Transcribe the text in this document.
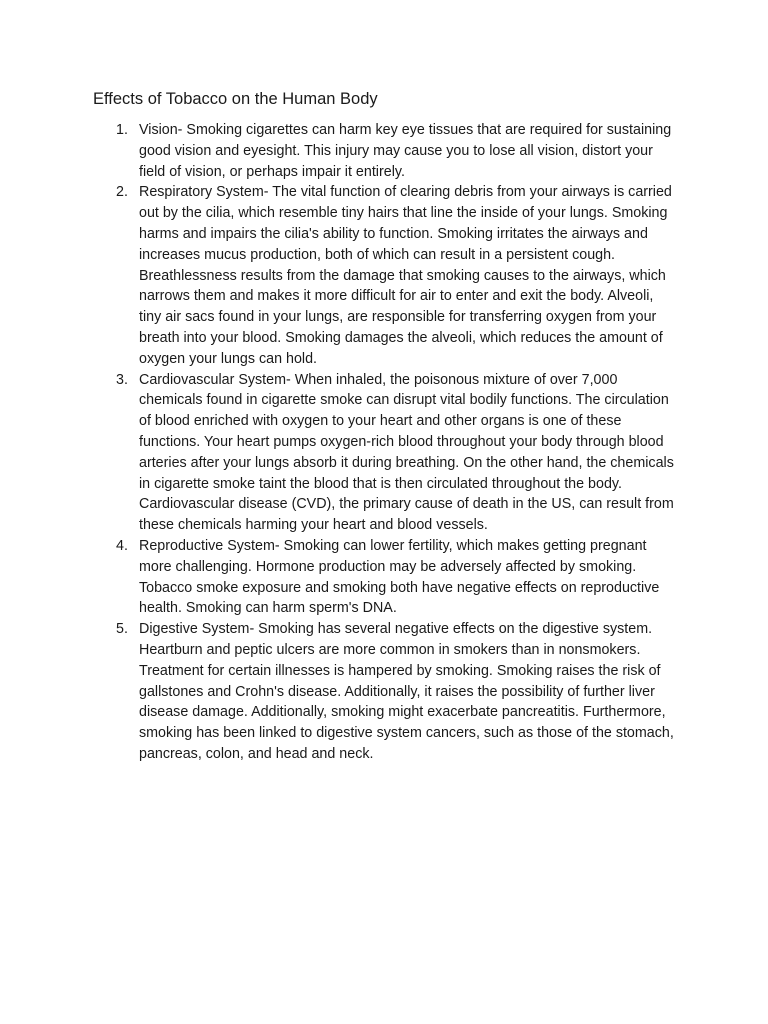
Effects of Tobacco on the Human Body
1. Vision- Smoking cigarettes can harm key eye tissues that are required for sustaining good vision and eyesight. This injury may cause you to lose all vision, distort your field of vision, or perhaps impair it entirely.
2. Respiratory System- The vital function of clearing debris from your airways is carried out by the cilia, which resemble tiny hairs that line the inside of your lungs. Smoking harms and impairs the cilia's ability to function. Smoking irritates the airways and increases mucus production, both of which can result in a persistent cough. Breathlessness results from the damage that smoking causes to the airways, which narrows them and makes it more difficult for air to enter and exit the body. Alveoli, tiny air sacs found in your lungs, are responsible for transferring oxygen from your breath into your blood. Smoking damages the alveoli, which reduces the amount of oxygen your lungs can hold.
3. Cardiovascular System- When inhaled, the poisonous mixture of over 7,000 chemicals found in cigarette smoke can disrupt vital bodily functions. The circulation of blood enriched with oxygen to your heart and other organs is one of these functions. Your heart pumps oxygen-rich blood throughout your body through blood arteries after your lungs absorb it during breathing. On the other hand, the chemicals in cigarette smoke taint the blood that is then circulated throughout the body. Cardiovascular disease (CVD), the primary cause of death in the US, can result from these chemicals harming your heart and blood vessels.
4. Reproductive System- Smoking can lower fertility, which makes getting pregnant more challenging. Hormone production may be adversely affected by smoking. Tobacco smoke exposure and smoking both have negative effects on reproductive health. Smoking can harm sperm's DNA.
5. Digestive System- Smoking has several negative effects on the digestive system. Heartburn and peptic ulcers are more common in smokers than in nonsmokers. Treatment for certain illnesses is hampered by smoking. Smoking raises the risk of gallstones and Crohn's disease. Additionally, it raises the possibility of further liver disease damage. Additionally, smoking might exacerbate pancreatitis. Furthermore, smoking has been linked to digestive system cancers, such as those of the stomach, pancreas, colon, and head and neck.
